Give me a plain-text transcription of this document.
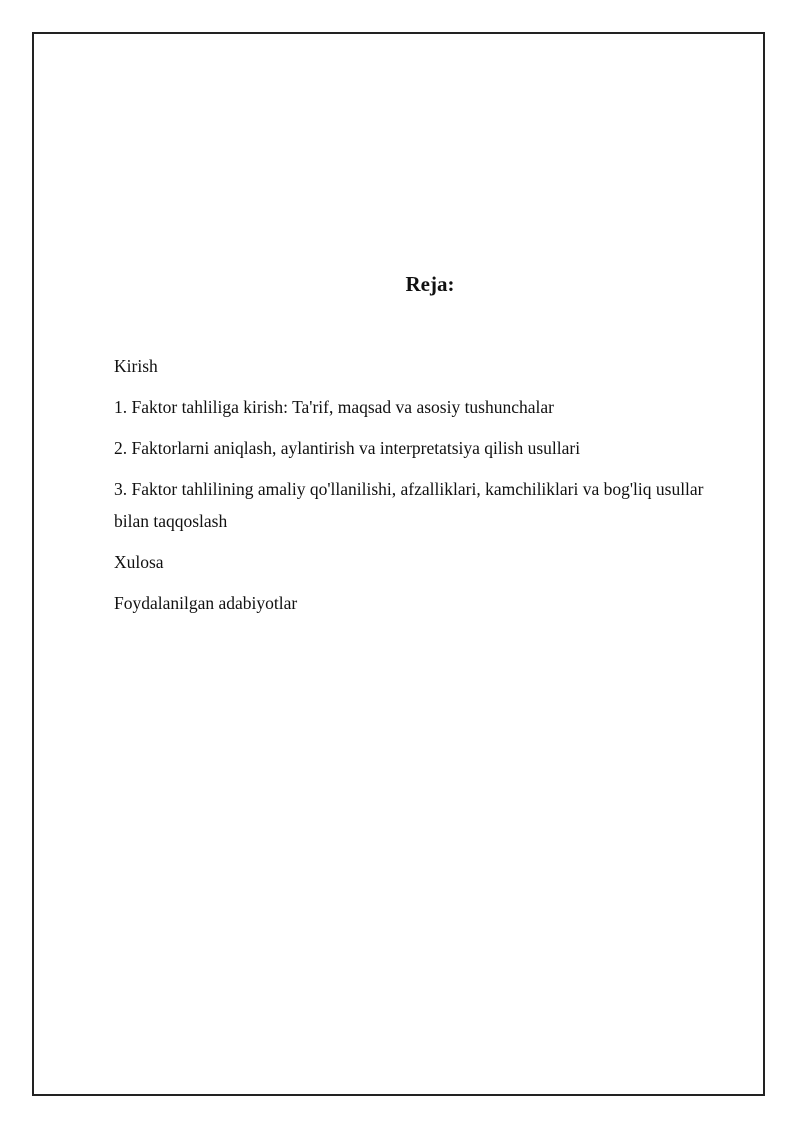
Reja:
Kirish
1. Faktor tahliliga kirish: Ta'rif, maqsad va asosiy tushunchalar
2. Faktorlarni aniqlash, aylantirish va interpretatsiya qilish usullari
3. Faktor tahlilining amaliy qo'llanilishi, afzalliklari, kamchiliklari va bog'liq usullar bilan taqqoslash
Xulosa
Foydalanilgan adabiyotlar
